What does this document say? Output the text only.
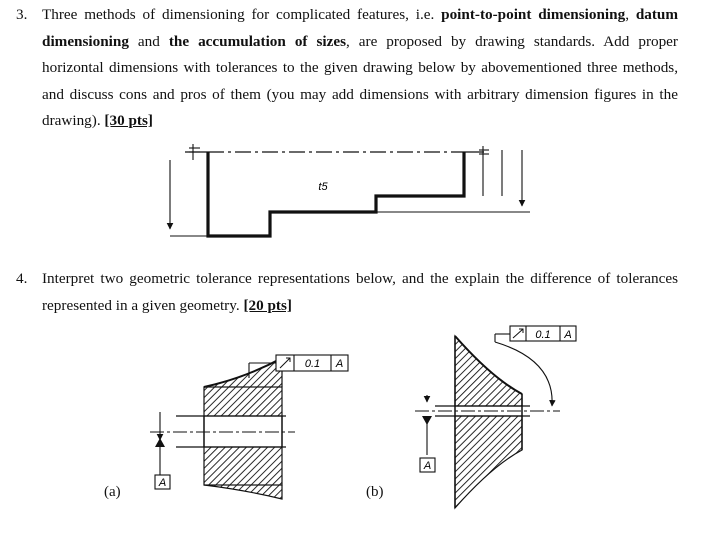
3. Three methods of dimensioning for complicated features, i.e. point-to-point dimensioning, datum dimensioning and the accumulation of sizes, are proposed by drawing standards. Add proper horizontal dimensions with tolerances to the given drawing below by abovementioned three methods, and discuss cons and pros of them (you may add dimensions with arbitrary dimension figures in the drawing). [30 pts]
4. Interpret two geometric tolerance representations below, and the explain the difference of tolerances represented in a given geometry. [20 pts]
t5
A
0.1 A
A
0.1 A
(a)	(b)
